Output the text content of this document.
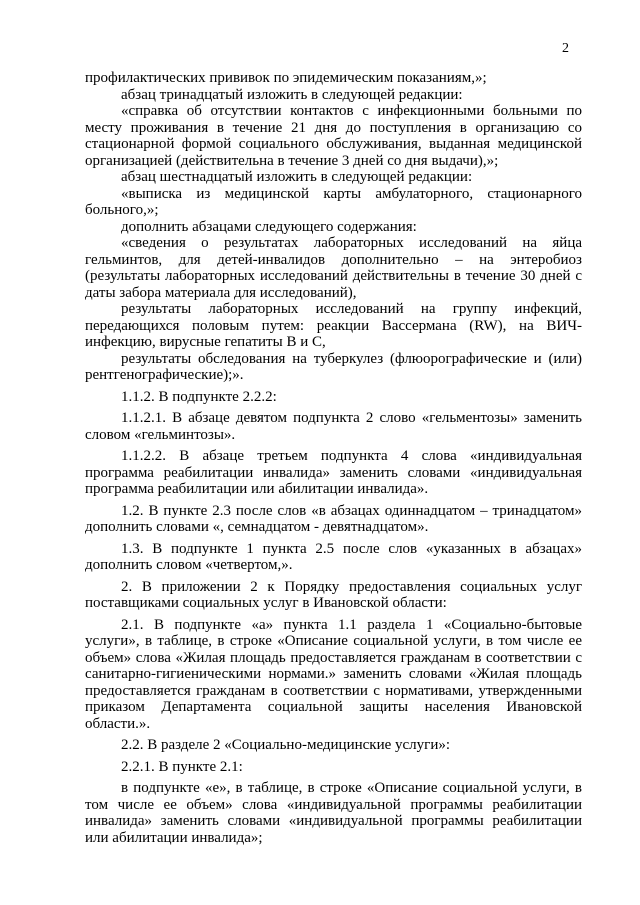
2

профилактических прививок по эпидемическим показаниям,»;

абзац тринадцатый изложить в следующей редакции:

«справка об отсутствии контактов с инфекционными больными по месту проживания в течение 21 дня до поступления в организацию со стационарной формой социального обслуживания, выданная медицинской организацией (действительна в течение 3 дней со дня выдачи),»;

абзац шестнадцатый изложить в следующей редакции:

«выписка из медицинской карты амбулаторного, стационарного больного,»;

дополнить абзацами следующего содержания:

«сведения о результатах лабораторных исследований на яйца гельминтов, для детей-инвалидов дополнительно – на энтеробиоз (результаты лабораторных исследований действительны в течение 30 дней с даты забора материала для исследований),

результаты лабораторных исследований на группу инфекций, передающихся половым путем: реакции Вассермана (RW), на ВИЧ-инфекцию, вирусные гепатиты В и С,

результаты обследования на туберкулез (флюорографические и (или) рентгенографические);».

1.1.2. В подпункте 2.2.2:

1.1.2.1. В абзаце девятом подпункта 2 слово «гельментозы» заменить словом «гельминтозы».

1.1.2.2. В абзаце третьем подпункта 4 слова «индивидуальная программа реабилитации инвалида» заменить словами «индивидуальная программа реабилитации или абилитации инвалида».

1.2. В пункте 2.3 после слов «в абзацах одиннадцатом – тринадцатом» дополнить словами «, семнадцатом - девятнадцатом».

1.3. В подпункте 1 пункта 2.5 после слов «указанных в абзацах» дополнить словом «четвертом,».

2. В приложении 2 к Порядку предоставления социальных услуг поставщиками социальных услуг в Ивановской области:

2.1. В подпункте «а» пункта 1.1 раздела 1 «Социально-бытовые услуги», в таблице, в строке «Описание социальной услуги, в том числе ее объем» слова «Жилая площадь предоставляется гражданам в соответствии с санитарно-гигиеническими нормами.» заменить словами «Жилая площадь предоставляется гражданам в соответствии с нормативами, утвержденными приказом Департамента социальной защиты населения Ивановской области.».

2.2. В разделе 2 «Социально-медицинские услуги»:

2.2.1. В пункте 2.1:

в подпункте «е», в таблице, в строке «Описание социальной услуги, в том числе ее объем» слова «индивидуальной программы реабилитации инвалида» заменить словами «индивидуальной программы реабилитации или абилитации инвалида»;
